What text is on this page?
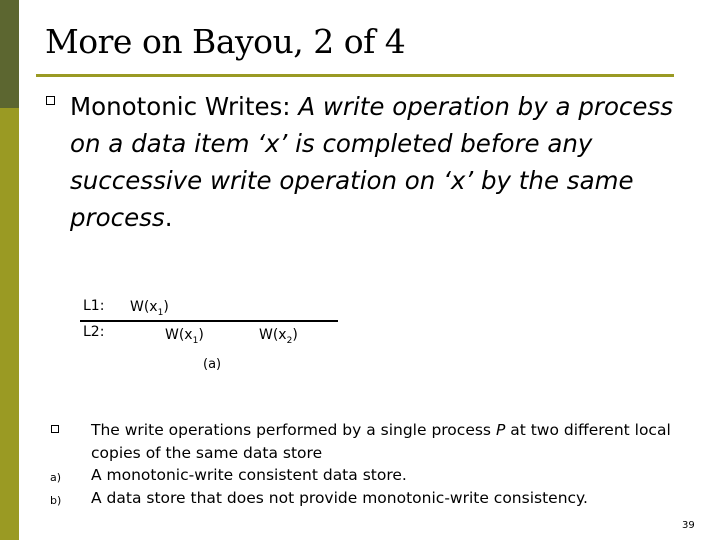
More on Bayou, 2 of 4
Monotonic Writes: A write operation by a process on a data item ‘x’ is completed before any successive write operation on ‘x’ by the same process.
L1: $W(x_1)$
L2:	$W(x_1)$	$W(x_2)$
(a)
The write operations performed by a single process P at two different local copies of the same data store
a)	A monotonic-write consistent data store.
b)	A data store that does not provide monotonic-write consistency.
39
